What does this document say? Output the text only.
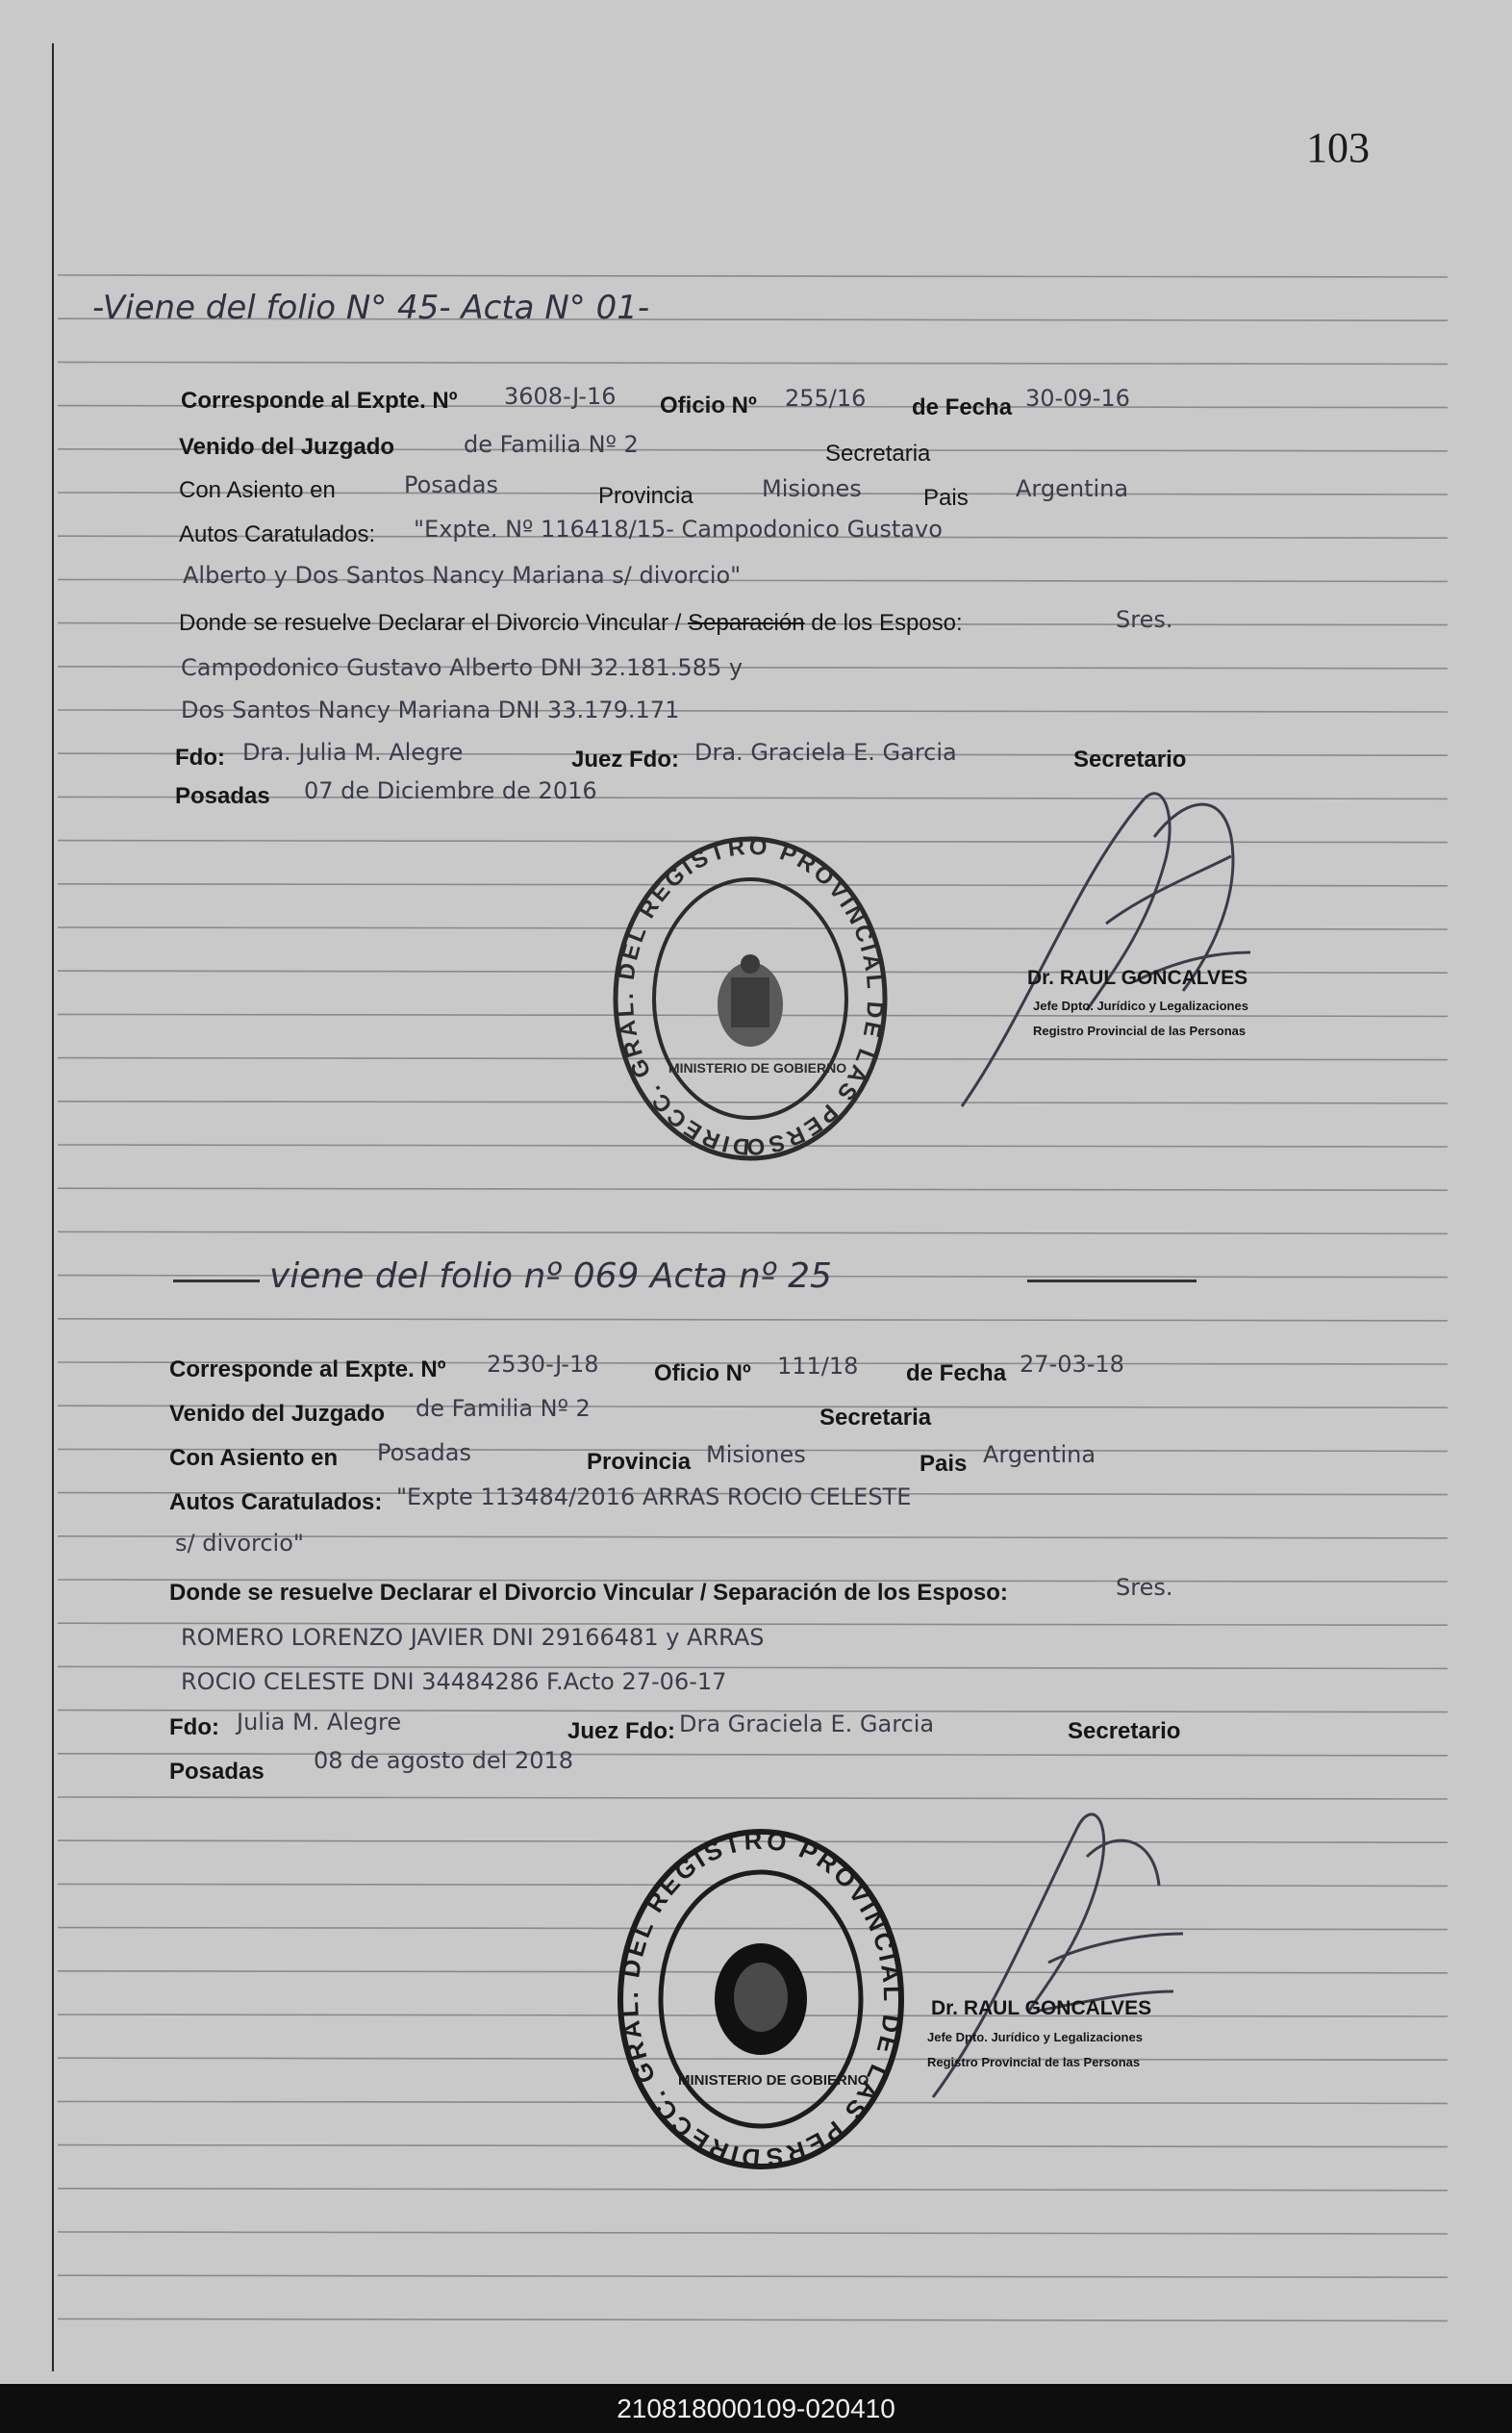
103
-Viene del folio N° 45- Acta N° 01-
Corresponde al Expte. Nº 3608-J-16 Oficio Nº 255/16 de Fecha 30-09-16
Venido del Juzgado	de Familia Nº 2	Secretaria
Con Asiento en	Posadas	Provincia	Misiones	Pais Argentina
Autos Caratulados: "Expte. Nº 116418/15- Campodonico Gustavo
Alberto y Dos Santos Nancy Mariana s/ divorcio"
Donde se resuelve Declarar el Divorcio Vincular / Separación de los Esposo:	Sres.
Campodonico Gustavo Alberto DNI 32.181.585 y
Dos Santos Nancy Mariana DNI 33.179.171
Fdo: Dra. Julia M. Alegre	Juez Fdo: Dra. Graciela E. Garcia	Secretario
Posadas 07 de Diciembre de 2016
DIRECC. GRAL. DEL REGISTRO PROVINCIAL DE LAS PERSO
MINISTERIO DE GOBIERNO
Dr. RAUL GONCALVES
Jefe Dpto. Jurídico y Legalizaciones
Registro Provincial de las Personas
viene del folio nº 069 Acta nº 25
Corresponde al Expte. Nº 2530-J-18 Oficio Nº 111/18 de Fecha 27-03-18
Venido del Juzgado de Familia Nº 2	Secretaria
Con Asiento en Posadas	Provincia Misiones	Pais Argentina
Autos Caratulados: "Expte 113484/2016 ARRAS ROCIO CELESTE
s/ divorcio"
Donde se resuelve Declarar el Divorcio Vincular / Separación de los Esposo:	Sres.
ROMERO LORENZO JAVIER DNI 29166481 y ARRAS
ROCIO CELESTE DNI 34484286 F.Acto 27-06-17
Fdo: Julia M. Alegre	Juez Fdo: Dra Graciela E. Garcia	Secretario
Posadas 08 de agosto del 2018
DIRECC. GRAL. DEL REGISTRO PROVINCIAL DE LAS PERS
MINISTERIO DE GOBIERNO
Dr. RAUL GONCALVES
Jefe Dpto. Jurídico y Legalizaciones
Registro Provincial de las Personas
210818000109-020410
